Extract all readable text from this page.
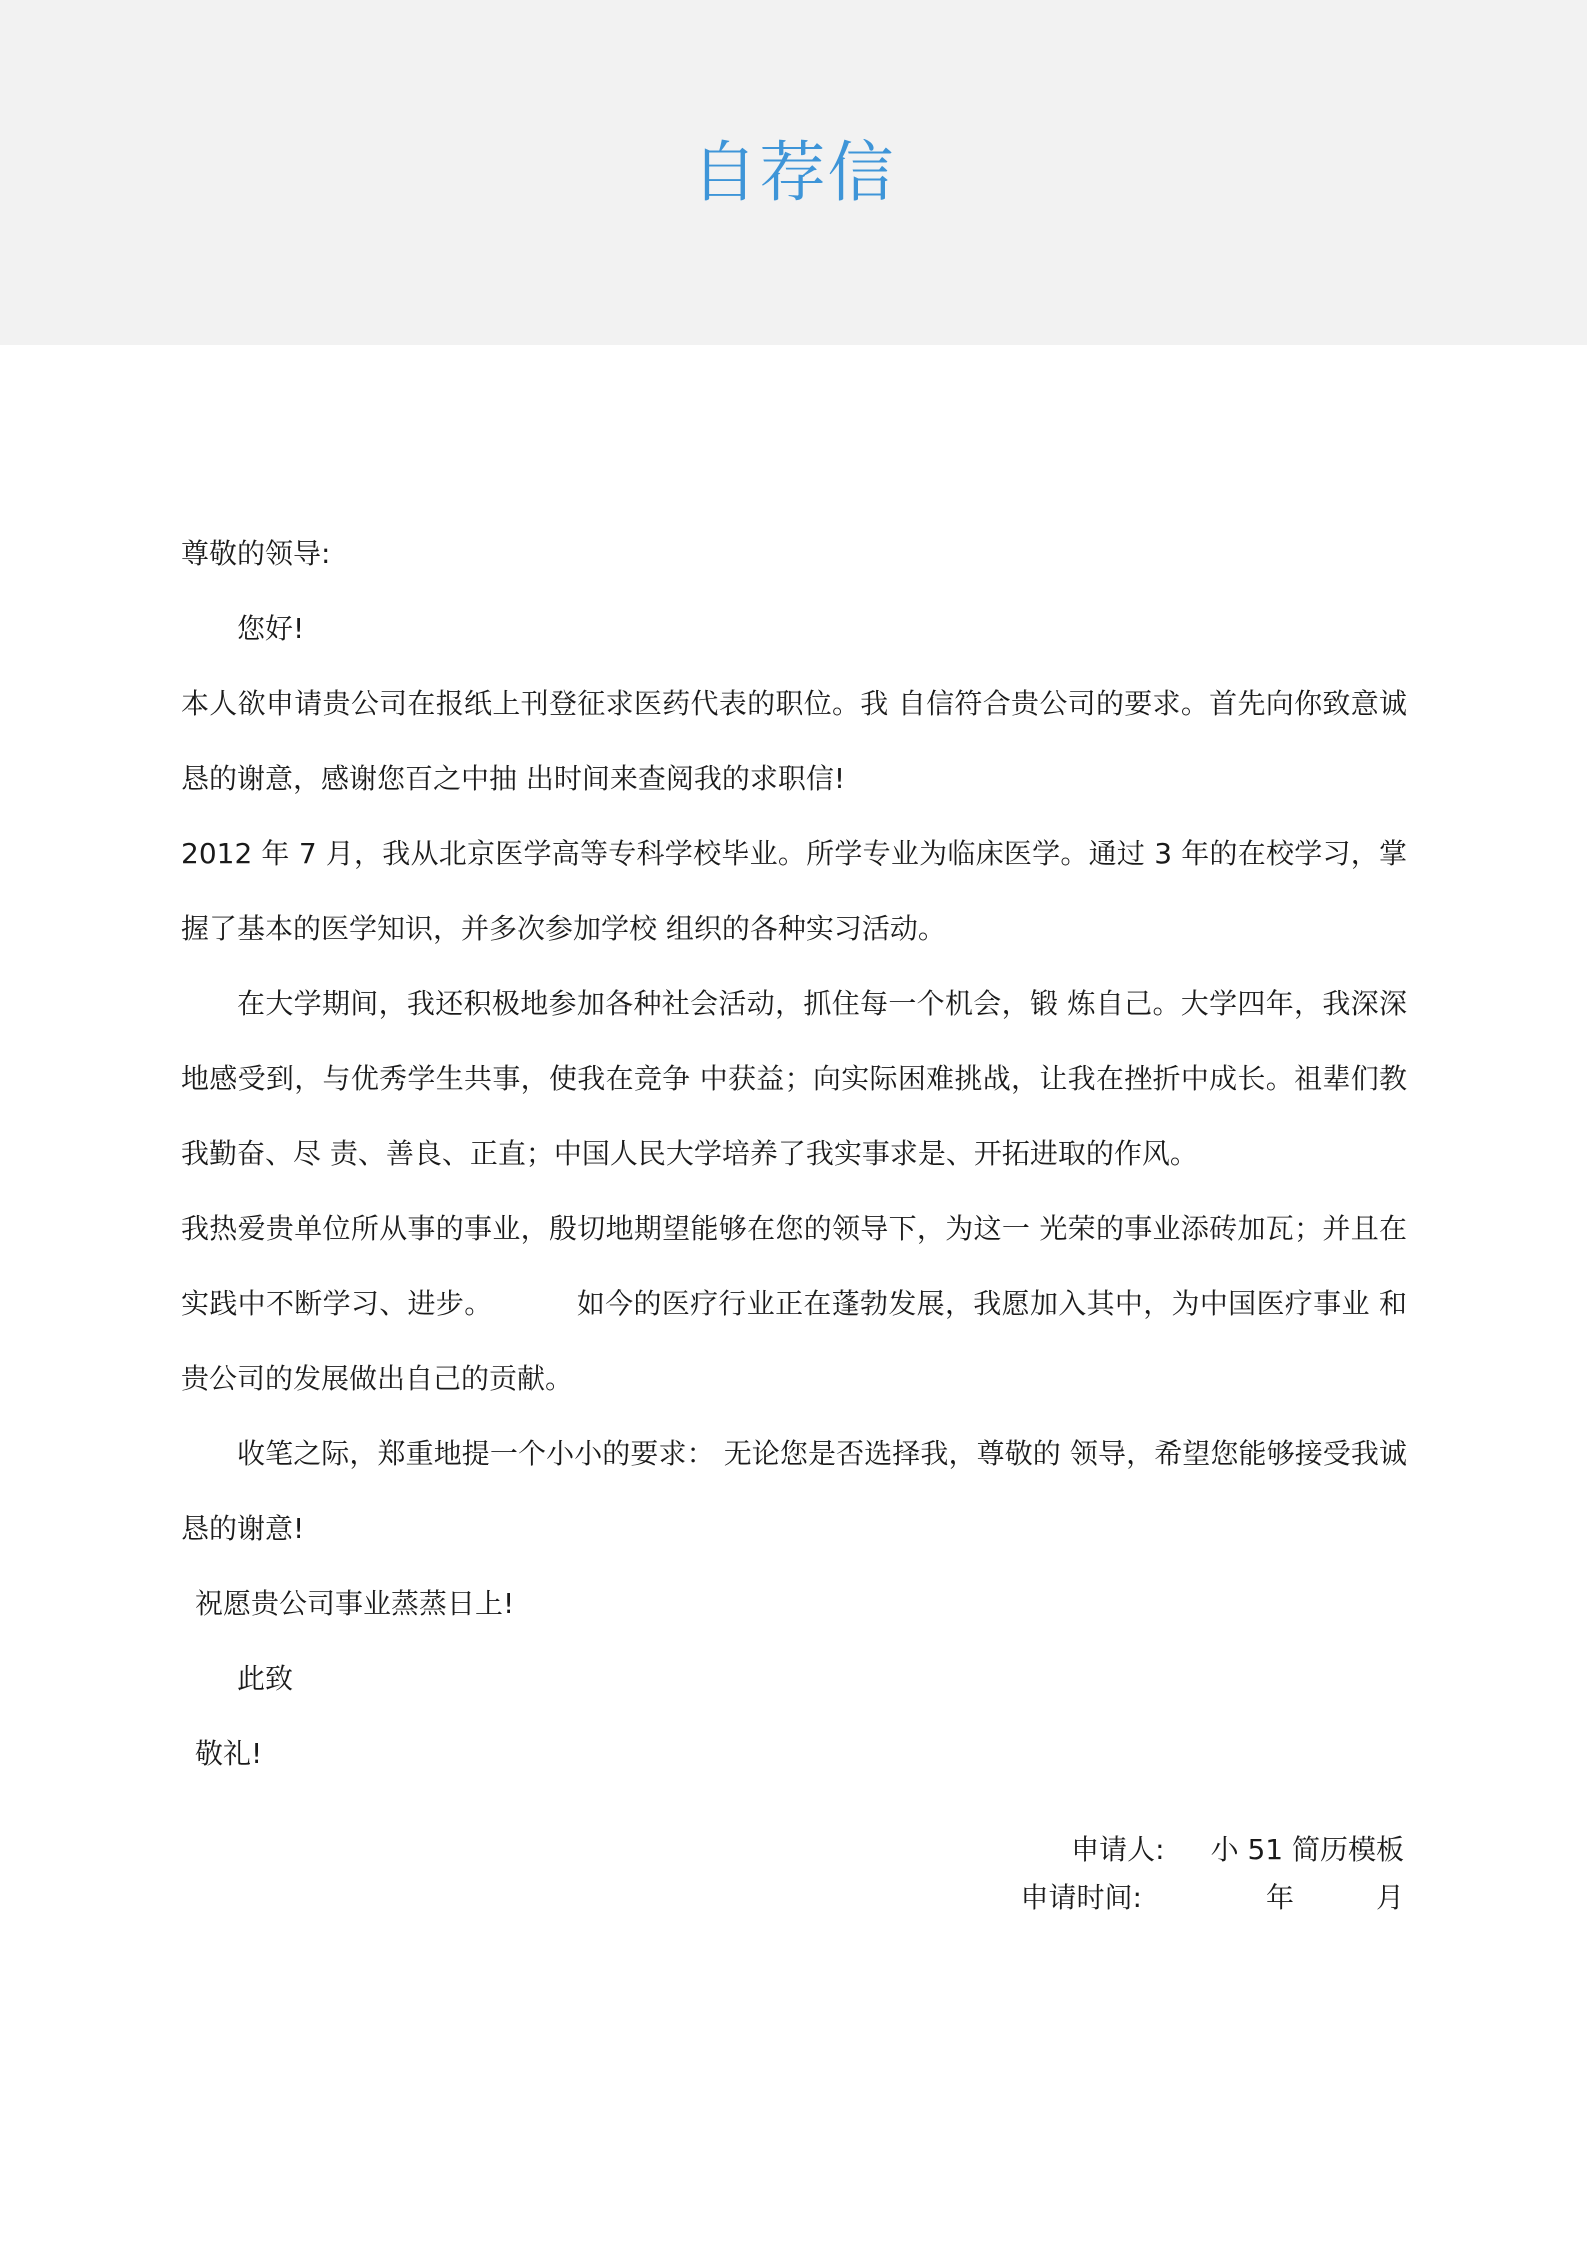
自荐信

尊敬的领导:

您好!

本人欲申请贵公司在报纸上刊登征求医药代表的职位。我 自信符合贵公司的要求。首先向你致意诚恳的谢意，感谢您百之中抽 出时间来查阅我的求职信!

2012 年 7 月，我从北京医学高等专科学校毕业。所学专业为临床医学。通过 3 年的在校学习，掌握了基本的医学知识，并多次参加学校 组织的各种实习活动。

在大学期间，我还积极地参加各种社会活动，抓住每一个机会，锻 炼自己。大学四年，我深深地感受到，与优秀学生共事，使我在竞争 中获益；向实际困难挑战，让我在挫折中成长。祖辈们教我勤奋、尽 责、善良、正直；中国人民大学培养了我实事求是、开拓进取的作风。

我热爱贵单位所从事的事业，殷切地期望能够在您的领导下，为这一 光荣的事业添砖加瓦；并且在实践中不断学习、进步。	如今的医疗行业正在蓬勃发展，我愿加入其中，为中国医疗事业 和贵公司的发展做出自己的贡献。

收笔之际，郑重地提一个小小的要求： 无论您是否选择我，尊敬的 领导，希望您能够接受我诚恳的谢意!

祝愿贵公司事业蒸蒸日上!

此致

敬礼!

申请人: 小 51 简历模板
申请时间:	年	月
